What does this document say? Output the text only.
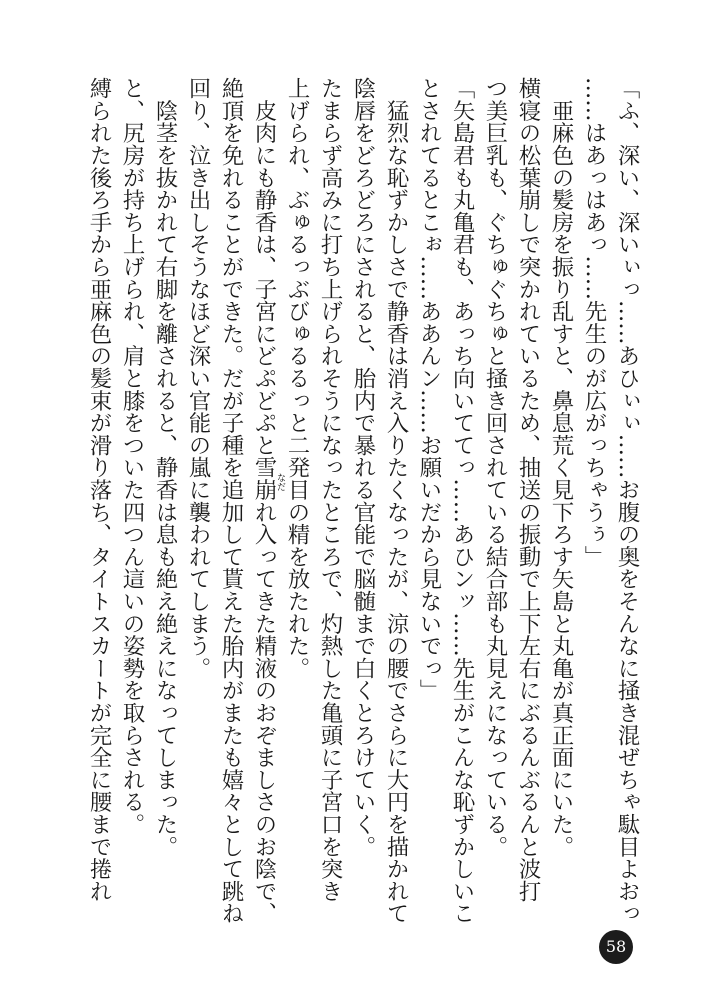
「ふ、深い、深いぃっ……あひぃぃ……お腹の奥をそんなに掻き混ぜちゃ駄目よおっ
……はあっはあっ……先生のが広がっちゃうぅ」
　亜麻色の髪房を振り乱すと、鼻息荒く見下ろす矢島と丸亀が真正面にいた。
横寝の松葉崩しで突かれているため、抽送の振動で上下左右にぶるんぶるんと波打
つ美巨乳も、ぐちゅぐちゅと掻き回されている結合部も丸見えになっている。
「矢島君も丸亀君も、あっち向いててっ……あひンッ……先生がこんな恥ずかしいこ
とされてるとこぉ……ああんン……お願いだから見ないでっ」
　猛烈な恥ずかしさで静香は消え入りたくなったが、涼の腰でさらに大円を描かれて
陰唇をどろどろにされると、胎内で暴れる官能で脳髄まで白くとろけていく。
たまらず高みに打ち上げられそうになったところで、灼熱した亀頭に子宮口を突き
上げられ、ぶゅるっぶびゅるるっと二発目の精を放たれた。
　皮肉にも静香は、子宮にどぷどぷと雪崩れ入ってきた精液のおぞましさのお陰で、
絶頂を免れることができた。だが子種を追加して貰えた胎内がまたも嬉々として跳ね
回り、泣き出しそうなほど深い官能の嵐に襲われてしまう。
　陰茎を抜かれて右脚を離されると、静香は息も絶え絶えになってしまった。
と、尻房が持ち上げられ、肩と膝をついた四つん這いの姿勢を取らされる。
縛られた後ろ手から亜麻色の髪束が滑り落ち、タイトスカートが完全に腰まで捲れ	なだ
58
